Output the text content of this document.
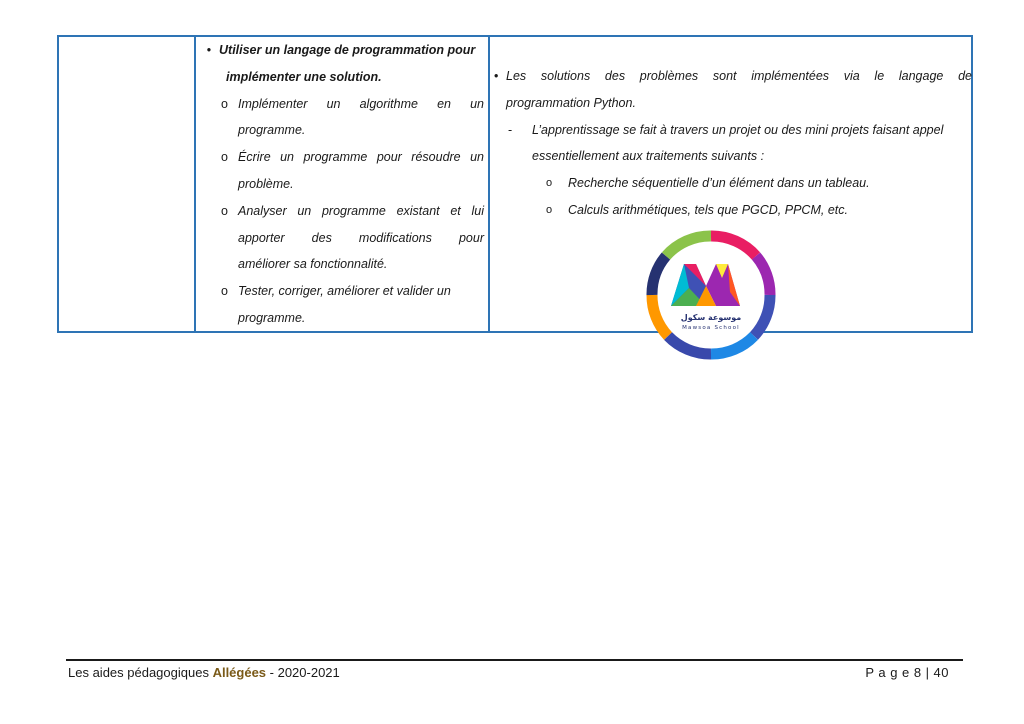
• Utiliser un langage de programmation pour
implémenter une solution.
o Implémenter un algorithme en un
programme.
o Écrire un programme pour résoudre un
problème.
o Analyser un programme existant et lui
apporter des modifications pour
améliorer sa fonctionnalité.
o Tester, corriger, améliorer et valider un
programme.
• Les solutions des problèmes sont implémentées via le langage de
programmation Python.
-	L’apprentissage se fait à travers un projet ou des mini projets faisant appel
essentiellement aux traitements suivants :
o	Recherche séquentielle d’un élément dans un tableau.
o	Calculs arithmétiques, tels que PGCD, PPCM, etc.
موسوعة سكول
Mawsoa School
Les aides pédagogiques Allégées - 2020-2021	P a g e 8 | 40
